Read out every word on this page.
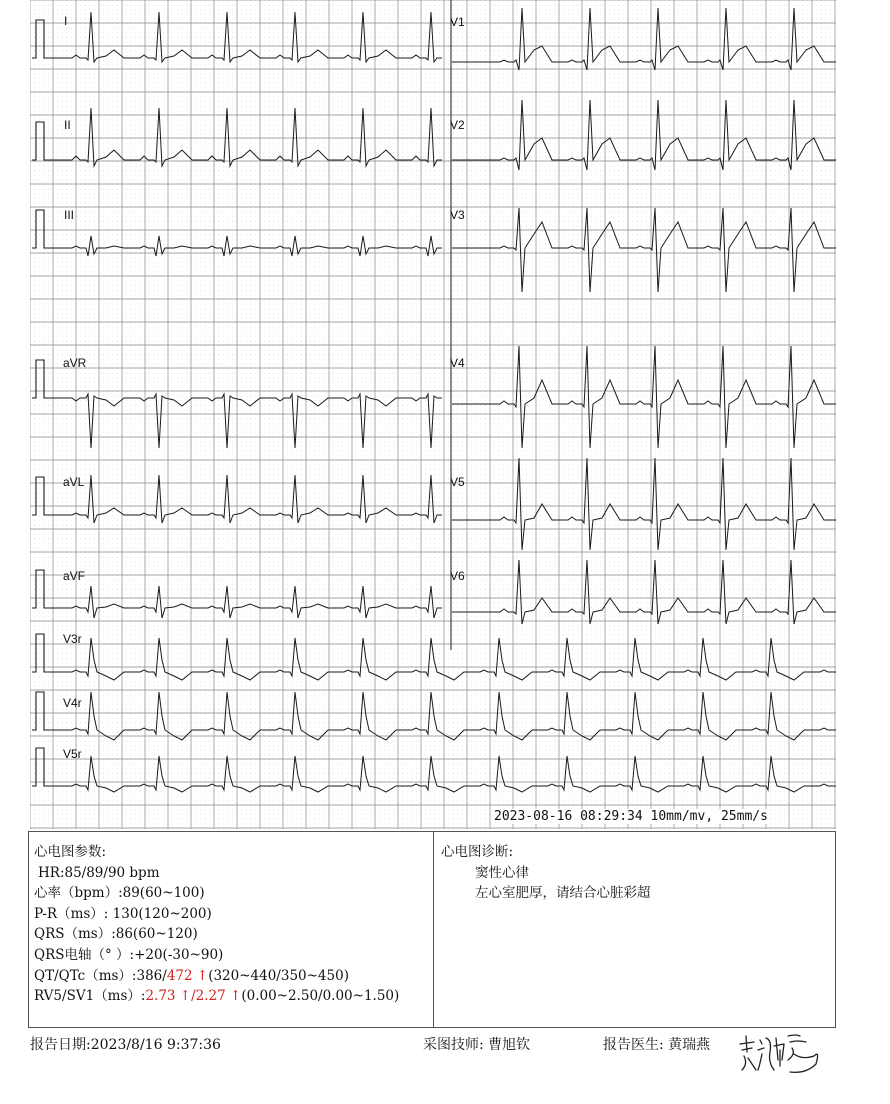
I
II
III
aVR
aVL
aVF
V1
V2
V3
V4
V5
V6
V3r
V4r
V5r
2023-08-16 08:29:34 10mm/mv, 25mm/s
心电图参数:
HR:85/89/90 bpm
心率（bpm）:89(60~100)
P-R（ms）: 130(120~200)
QRS（ms）:86(60~120)
QRS电轴（° ）:+20(-30~90)
QT/QTc（ms）:386/472 ↑(320~440/350~450)
RV5/SV1（ms）:2.73 ↑/2.27 ↑(0.00~2.50/0.00~1.50)
心电图诊断:
窦性心律
左心室肥厚，请结合心脏彩超
报告日期:2023/8/16 9:37:36	采图技师: 曹旭钦	报告医生: 黄瑞燕
